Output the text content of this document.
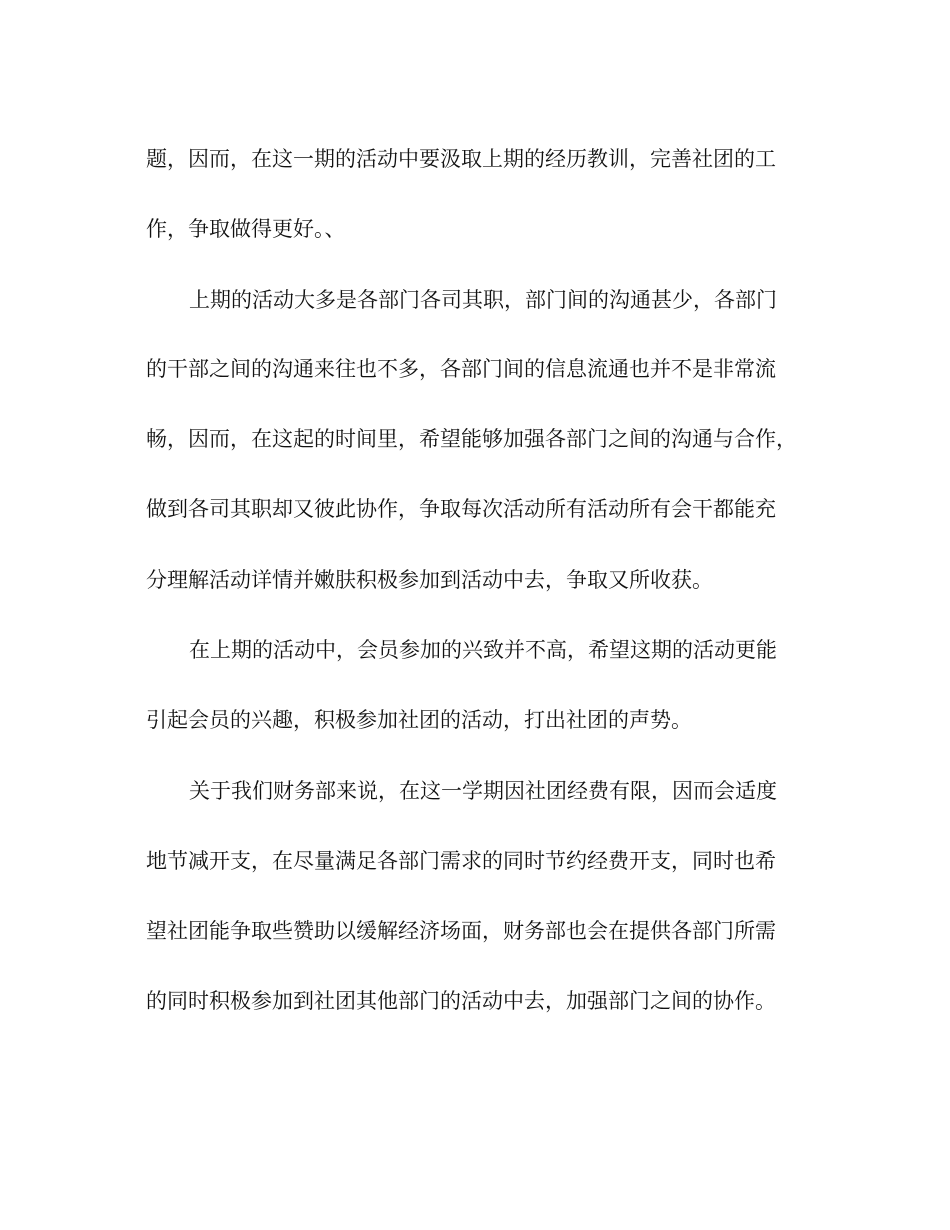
题，因而，在这一期的活动中要汲取上期的经历教训，完善社团的工
作，争取做得更好。、
上期的活动大多是各部门各司其职，部门间的沟通甚少，各部门
的干部之间的沟通来往也不多，各部门间的信息流通也并不是非常流
畅，因而，在这起的时间里，希望能够加强各部门之间的沟通与合作，
做到各司其职却又彼此协作，争取每次活动所有活动所有会干都能充
分理解活动详情并嫩肤积极参加到活动中去，争取又所收获。
在上期的活动中，会员参加的兴致并不高，希望这期的活动更能
引起会员的兴趣，积极参加社团的活动，打出社团的声势。
关于我们财务部来说，在这一学期因社团经费有限，因而会适度
地节减开支，在尽量满足各部门需求的同时节约经费开支，同时也希
望社团能争取些赞助以缓解经济场面，财务部也会在提供各部门所需
的同时积极参加到社团其他部门的活动中去，加强部门之间的协作。
